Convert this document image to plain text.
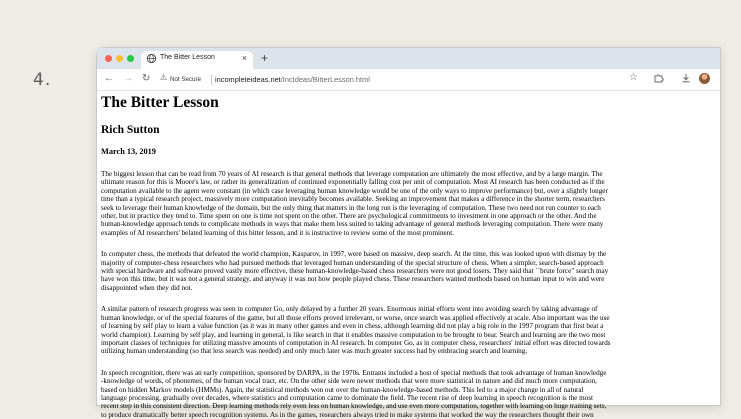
4.
The Bitter Lesson	× +
← → ↻ ⚠ Not Secure incompleteideas.net/IncIdeas/BitterLesson.html	☆
The Bitter Lesson
Rich Sutton
March 13, 2019

The biggest lesson that can be read from 70 years of AI research is that general methods that leverage computation are ultimately the most effective, and by a large margin. The
ultimate reason for this is Moore's law, or rather its generalization of continued exponentially falling cost per unit of computation. Most AI research has been conducted as if the
computation available to the agent were constant (in which case leveraging human knowledge would be one of the only ways to improve performance) but, over a slightly longer
time than a typical research project, massively more computation inevitably becomes available. Seeking an improvement that makes a difference in the shorter term, researchers
seek to leverage their human knowledge of the domain, but the only thing that matters in the long run is the leveraging of computation. These two need not run counter to each
other, but in practice they tend to. Time spent on one is time not spent on the other. There are psychological commitments to investment in one approach or the other. And the
human-knowledge approach tends to complicate methods in ways that make them less suited to taking advantage of general methods leveraging computation. There were many
examples of AI researchers' belated learning of this bitter lesson, and it is instructive to review some of the most prominent.

In computer chess, the methods that defeated the world champion, Kasparov, in 1997, were based on massive, deep search. At the time, this was looked upon with dismay by the
majority of computer-chess researchers who had pursued methods that leveraged human understanding of the special structure of chess. When a simpler, search-based approach
with special hardware and software proved vastly more effective, these human-knowledge-based chess researchers were not good losers. They said that ``brute force" search may
have won this time, but it was not a general strategy, and anyway it was not how people played chess. These researchers wanted methods based on human input to win and were
disappointed when they did not.

A similar pattern of research progress was seen in computer Go, only delayed by a further 20 years. Enormous initial efforts went into avoiding search by taking advantage of
human knowledge, or of the special features of the game, but all those efforts proved irrelevant, or worse, once search was applied effectively at scale. Also important was the use
of learning by self play to learn a value function (as it was in many other games and even in chess, although learning did not play a big role in the 1997 program that first beat a
world champion). Learning by self play, and learning in general, is like search in that it enables massive computation to be brought to bear. Search and learning are the two most
important classes of techniques for utilizing massive amounts of computation in AI research. In computer Go, as in computer chess, researchers' initial effort was directed towards
utilizing human understanding (so that less search was needed) and only much later was much greater success had by embracing search and learning.

In speech recognition, there was an early competition, sponsored by DARPA, in the 1970s. Entrants included a host of special methods that took advantage of human knowledge
-knowledge of words, of phonemes, of the human vocal tract, etc. On the other side were newer methods that were more statistical in nature and did much more computation,
based on hidden Markov models (HMMs). Again, the statistical methods won out over the human-knowledge-based methods. This led to a major change in all of natural
language processing, gradually over decades, where statistics and computation came to dominate the field. The recent rise of deep learning in speech recognition is the most
recent step in this consistent direction. Deep learning methods rely even less on human knowledge, and use even more computation, together with learning on huge training sets,
to produce dramatically better speech recognition systems. As in the games, researchers always tried to make systems that worked the way the researchers thought their own
